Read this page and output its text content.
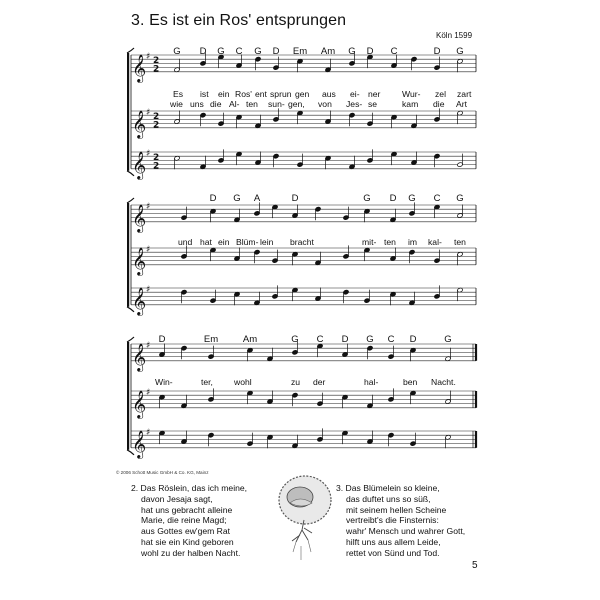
3. Es ist ein Ros' entsprungen
Köln 1599
𝄞 ♯ 2
2
𝄞 ♯ 2
2
𝄞 ♯ 2
2
𝄞 ♯
𝄞 ♯
𝄞 ♯
𝄞 ♯
𝄞 ♯
𝄞 ♯
G D G C G D Em Am G D C	D G
Es ist ein Ros' ent sprun gen aus ei- ner	Wur- zel zart
wie uns die Al- ten sun- gen, von Jes- se	kam die Art
D G A	D	G D G C G
und hat ein Blüm- lein bracht	mit- ten im kal- ten
D	Em	Am	G C D G C D	G
Win-	ter, wohl	zu der	hal-	ben Nacht.
© 2006 Schott Music GmbH & Co. KG, Mainz
2. Das Röslein, das ich meine,
davon Jesaja sagt,
hat uns gebracht alleine
Marie, die reine Magd;
aus Gottes ew'gem Rat
hat sie ein Kind geboren
wohl zu der halben Nacht.
3. Das Blümelein so kleine,
das duftet uns so süß,
mit seinem hellen Scheine
vertreibt's die Finsternis:
wahr' Mensch und wahrer Gott,
hilft uns aus allem Leide,
rettet von Sünd und Tod.
5
